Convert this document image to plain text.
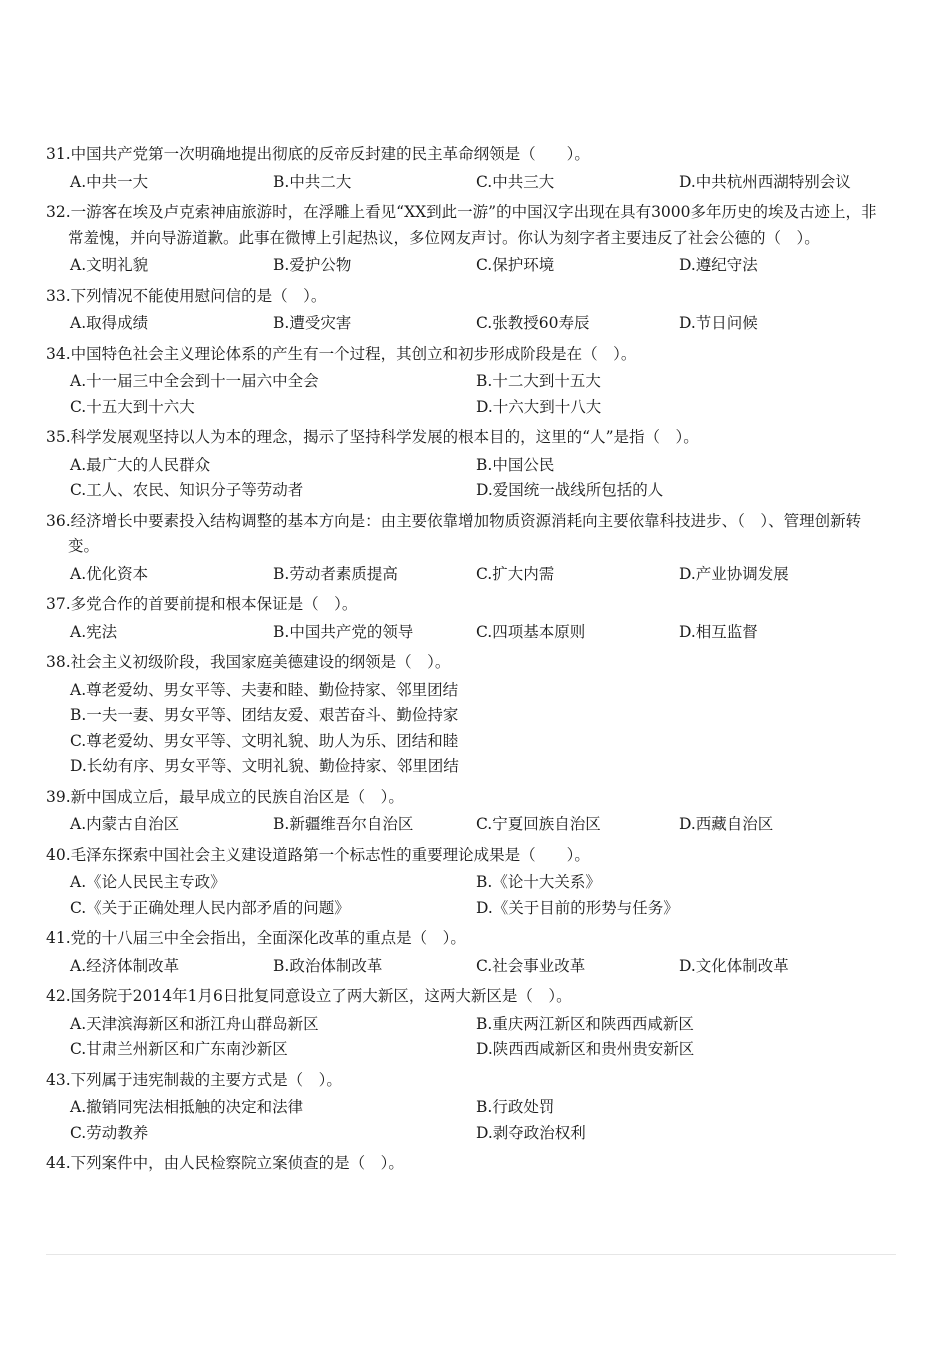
31.中国共产党第一次明确地提出彻底的反帝反封建的民主革命纲领是（　　）。
A.中共一大	B.中共二大	C.中共三大	D.中共杭州西湖特别会议
32.一游客在埃及卢克索神庙旅游时，在浮雕上看见“XX到此一游”的中国汉字出现在具有3000多年历史的埃及古迹上，非常羞愧，并向导游道歉。此事在微博上引起热议，多位网友声讨。你认为刻字者主要违反了社会公德的（　）。
A.文明礼貌	B.爱护公物	C.保护环境	D.遵纪守法
33.下列情况不能使用慰问信的是（　）。
A.取得成绩	B.遭受灾害	C.张教授60寿辰	D.节日问候
34.中国特色社会主义理论体系的产生有一个过程，其创立和初步形成阶段是在（　）。
A.十一届三中全会到十一届六中全会	B.十二大到十五大
C.十五大到十六大	D.十六大到十八大
35.科学发展观坚持以人为本的理念，揭示了坚持科学发展的根本目的，这里的“人”是指（　）。
A.最广大的人民群众	B.中国公民
C.工人、农民、知识分子等劳动者	D.爱国统一战线所包括的人
36.经济增长中要素投入结构调整的基本方向是：由主要依靠增加物质资源消耗向主要依靠科技进步、（　）、管理创新转变。
A.优化资本	B.劳动者素质提高	C.扩大内需	D.产业协调发展
37.多党合作的首要前提和根本保证是（　）。
A.宪法	B.中国共产党的领导	C.四项基本原则	D.相互监督
38.社会主义初级阶段，我国家庭美德建设的纲领是（　）。
A.尊老爱幼、男女平等、夫妻和睦、勤俭持家、邻里团结
B.一夫一妻、男女平等、团结友爱、艰苦奋斗、勤俭持家
C.尊老爱幼、男女平等、文明礼貌、助人为乐、团结和睦
D.长幼有序、男女平等、文明礼貌、勤俭持家、邻里团结
39.新中国成立后，最早成立的民族自治区是（　）。
A.内蒙古自治区	B.新疆维吾尔自治区	C.宁夏回族自治区	D.西藏自治区
40.毛泽东探索中国社会主义建设道路第一个标志性的重要理论成果是（　　）。
A.《论人民民主专政》	B.《论十大关系》
C.《关于正确处理人民内部矛盾的问题》	D.《关于目前的形势与任务》
41.党的十八届三中全会指出，全面深化改革的重点是（　）。
A.经济体制改革	B.政治体制改革	C.社会事业改革	D.文化体制改革
42.国务院于2014年1月6日批复同意设立了两大新区，这两大新区是（　）。
A.天津滨海新区和浙江舟山群岛新区	B.重庆两江新区和陕西西咸新区
C.甘肃兰州新区和广东南沙新区	D.陕西西咸新区和贵州贵安新区
43.下列属于违宪制裁的主要方式是（　）。
A.撤销同宪法相抵触的决定和法律	B.行政处罚
C.劳动教养	D.剥夺政治权利
44.下列案件中，由人民检察院立案侦查的是（　）。
